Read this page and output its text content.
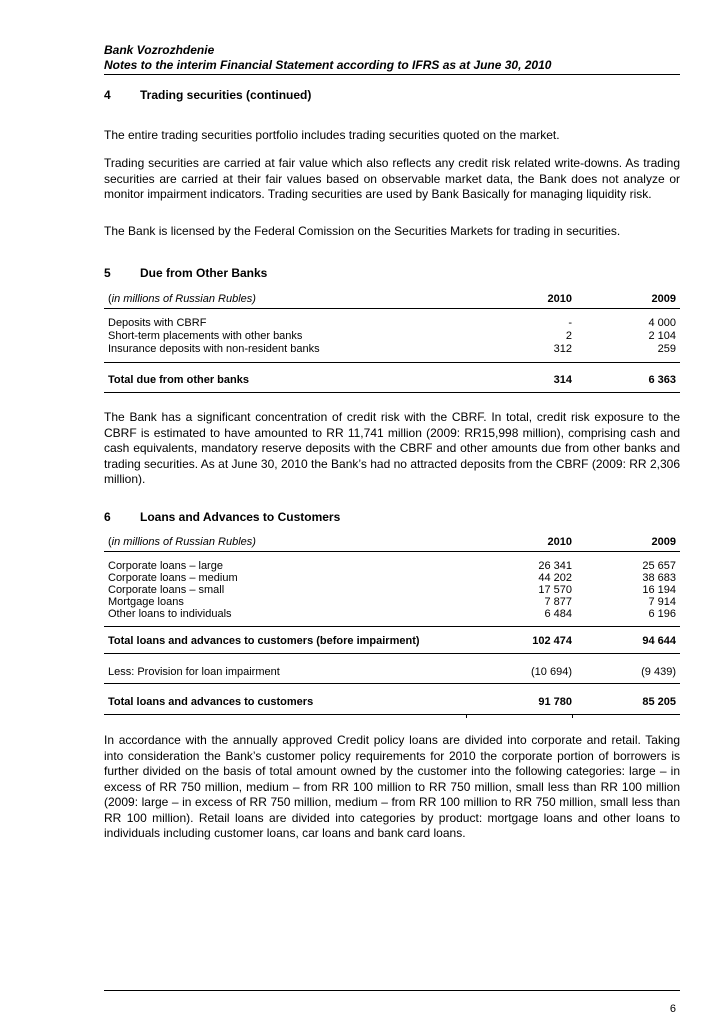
Bank Vozrozhdenie
Notes to the interim Financial Statement according to IFRS as at June 30, 2010
4 Trading securities (continued)
The entire trading securities portfolio includes trading securities quoted on the market.
Trading securities are carried at fair value which also reflects any credit risk related write-downs. As trading securities are carried at their fair values based on observable market data, the Bank does not analyze or monitor impairment indicators. Trading securities are used by Bank Basically for managing liquidity risk.
The Bank is licensed by the Federal Comission on the Securities Markets for trading in securities.
5 Due from Other Banks
(in millions of Russian Rubles)	2010	2009
Deposits with CBRF	-	4 000
Short-term placements with other banks	2	2 104
Insurance deposits with non-resident banks	312	259
Total due from other banks	314	6 363
The Bank has a significant concentration of credit risk with the CBRF. In total, credit risk exposure to the CBRF is estimated to have amounted to RR 11,741 million (2009: RR15,998 million), comprising cash and cash equivalents, mandatory reserve deposits with the CBRF and other amounts due from other banks and trading securities. As at June 30, 2010 the Bank’s had no attracted deposits from the CBRF (2009: RR 2,306 million).
6 Loans and Advances to Customers
(in millions of Russian Rubles)	2010	2009
Corporate loans – large	26 341	25 657
Corporate loans – medium	44 202	38 683
Corporate loans – small	17 570	16 194
Mortgage loans	7 877	7 914
Other loans to individuals	6 484	6 196
Total loans and advances to customers (before impairment)	102 474	94 644
Less: Provision for loan impairment	(10 694)	(9 439)
Total loans and advances to customers	91 780	85 205
In accordance with the annually approved Credit policy loans are divided into corporate and retail. Taking into consideration the Bank’s customer policy requirements for 2010 the corporate portion of borrowers is further divided on the basis of total amount owned by the customer into the following categories: large – in excess of RR 750 million, medium – from RR 100 million to RR 750 million, small less than RR 100 million (2009: large – in excess of RR 750 million, medium – from RR 100 million to RR 750 million, small less than RR 100 million). Retail loans are divided into categories by product: mortgage loans and other loans to individuals including customer loans, car loans and bank card loans.
6
